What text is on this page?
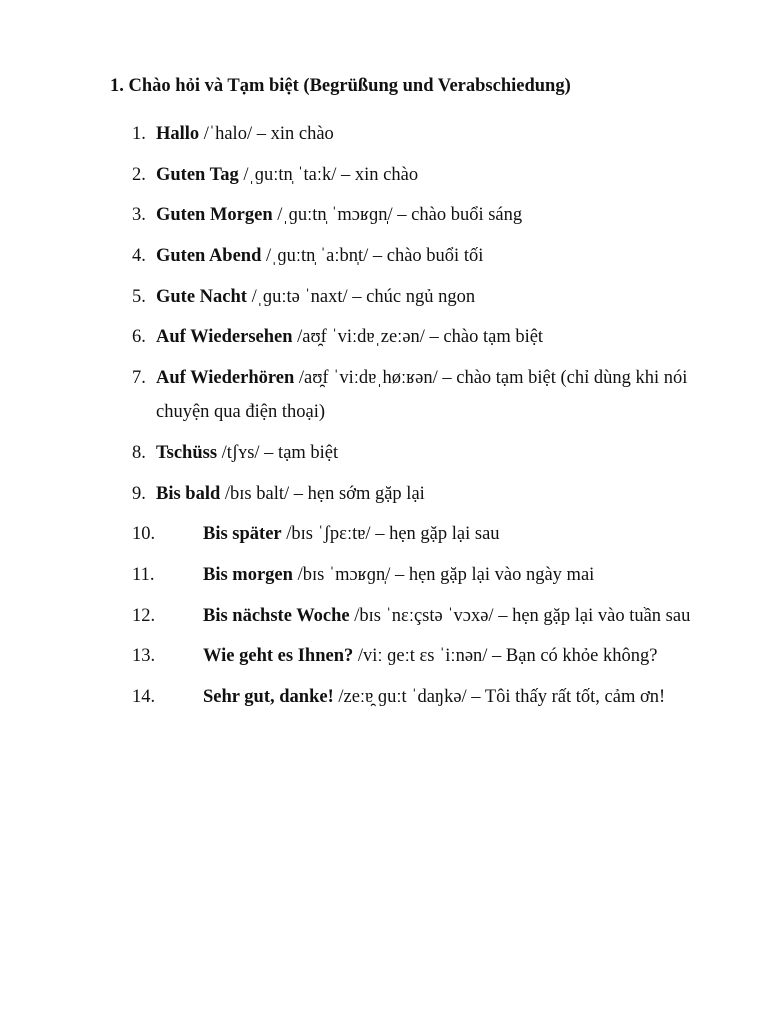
1. Chào hỏi và Tạm biệt (Begrüßung und Verabschiedung)
1. Hallo /ˈhalo/ – xin chào
2. Guten Tag /ˌɡuːtn̩ ˈtaːk/ – xin chào
3. Guten Morgen /ˌɡuːtn̩ ˈmɔʁɡn̩/ – chào buổi sáng
4. Guten Abend /ˌɡuːtn̩ ˈaːbn̩t/ – chào buổi tối
5. Gute Nacht /ˌɡuːtə ˈnaxt/ – chúc ngủ ngon
6. Auf Wiedersehen /aʊ̯f ˈviːdɐˌzeːən/ – chào tạm biệt
7. Auf Wiederhören /aʊ̯f ˈviːdɐˌhøːʁən/ – chào tạm biệt (chỉ dùng khi nói chuyện qua điện thoại)
8. Tschüss /tʃʏs/ – tạm biệt
9. Bis bald /bɪs balt/ – hẹn sớm gặp lại
10.	Bis später /bɪs ˈʃpɛːtɐ/ – hẹn gặp lại sau
11.	Bis morgen /bɪs ˈmɔʁɡn̩/ – hẹn gặp lại vào ngày mai
12.	Bis nächste Woche /bɪs ˈnɛːçstə ˈvɔxə/ – hẹn gặp lại vào tuần sau
13.	Wie geht es Ihnen? /viː ɡeːt ɛs ˈiːnən/ – Bạn có khỏe không?
14.	Sehr gut, danke! /zeːɐ̯ ɡuːt ˈdaŋkə/ – Tôi thấy rất tốt, cảm ơn!
